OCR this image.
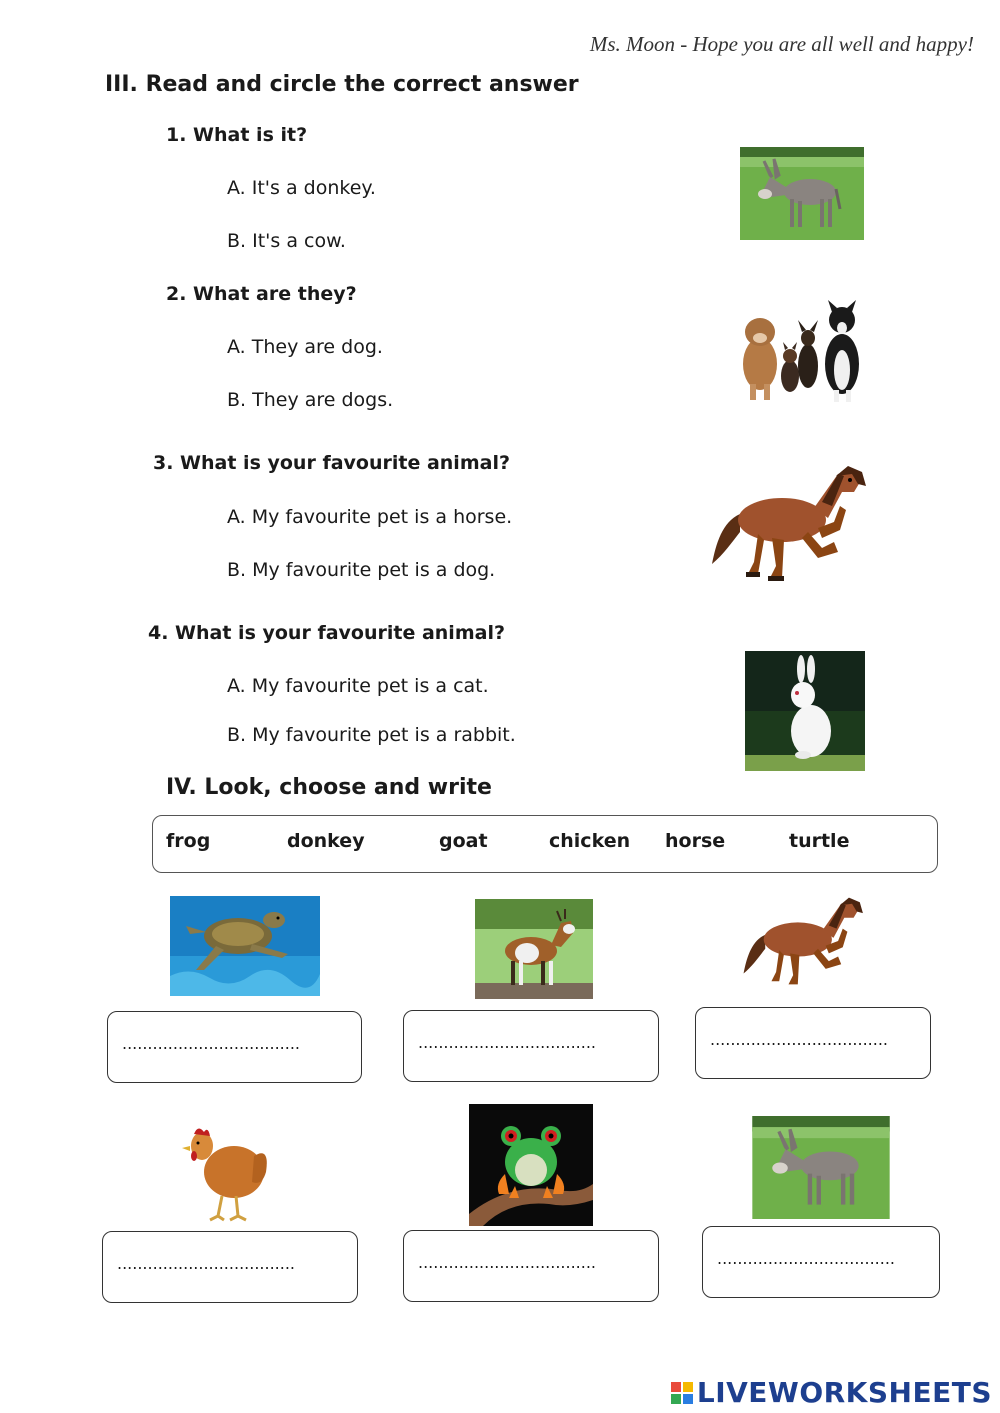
Ms. Moon - Hope you are all well and happy!
III. Read and circle the correct answer
1. What is it?
A. It's a donkey.
B. It's a cow.
2. What are they?
A. They are dog.
B. They are dogs.
3. What is your favourite animal?
A. My favourite pet is a horse.
B. My favourite pet is a dog.
4. What is your favourite animal?
A. My favourite pet is a cat.
B. My favourite pet is a rabbit.
IV. Look, choose and write
frog	donkey	goat	chicken horse	turtle
...................................	...................................	...................................
...................................	...................................	...................................
LIVEWORKSHEETS
